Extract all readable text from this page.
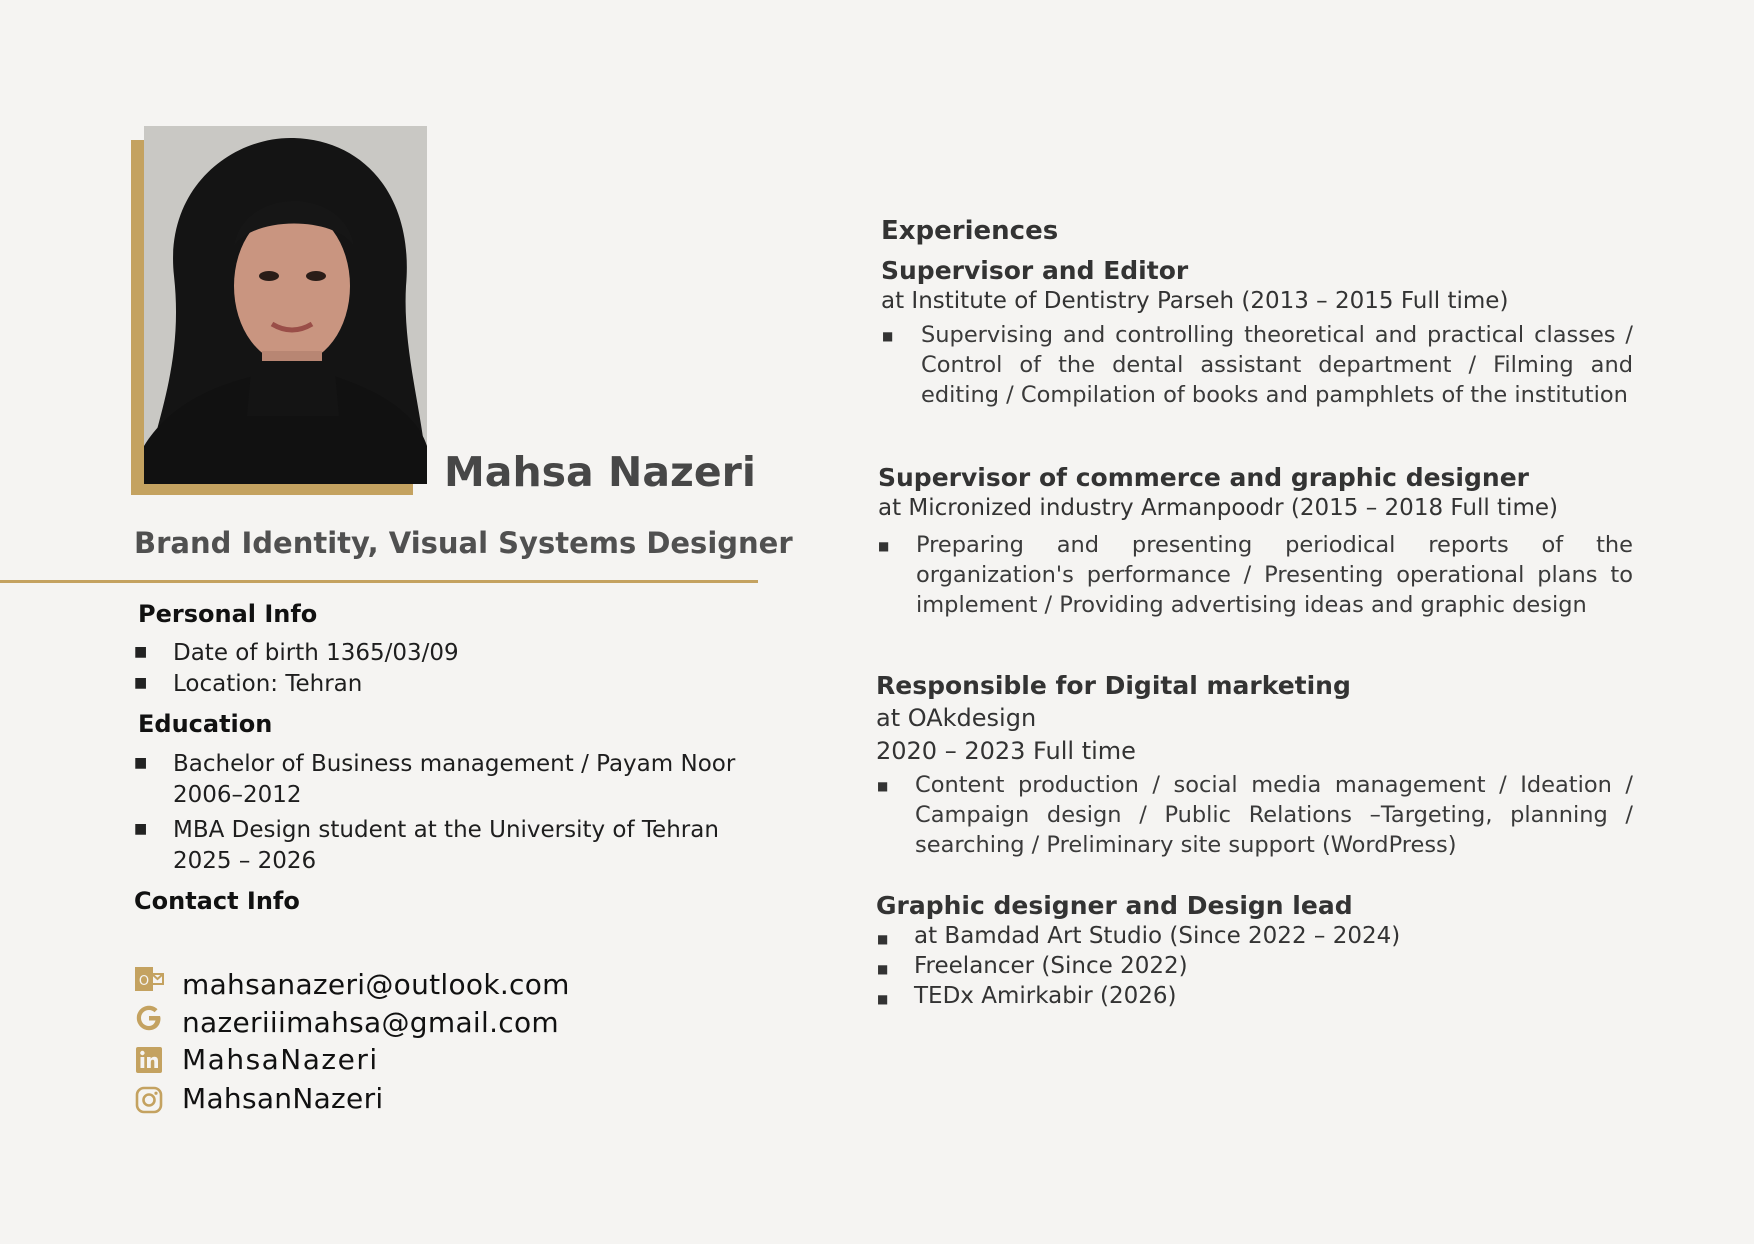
Mahsa Nazeri
Brand Identity, Visual Systems Designer
Personal Info
■ Date of birth 1365/03/09
■ Location: Tehran
Education
■ Bachelor of Business management / Payam Noor
2006–2012
■ MBA Design student at the University of Tehran
2025 – 2026
Contact Info
O mahsanazeri@outlook.com
nazeriiimahsa@gmail.com
MahsaNazeri
MahsanNazeri
Experiences
Supervisor and Editor
at Institute of Dentistry Parseh (2013 – 2015 Full time)
■ Supervising and controlling theoretical and practical classes / Control of the dental assistant department / Filming and editing / Compilation of books and pamphlets of the institution
Supervisor of commerce and graphic designer
at Micronized industry Armanpoodr (2015 – 2018 Full time)
■ Preparing and presenting periodical reports of the organization's performance / Presenting operational plans to implement / Providing advertising ideas and graphic design
Responsible for Digital marketing
at OAkdesign
2020 – 2023 Full time
■ Content production / social media management / Ideation / Campaign design / Public Relations –Targeting, planning / searching / Preliminary site support (WordPress)
Graphic designer and Design lead
■ at Bamdad Art Studio (Since 2022 – 2024)
■ Freelancer (Since 2022)
■ TEDx Amirkabir (2026)
